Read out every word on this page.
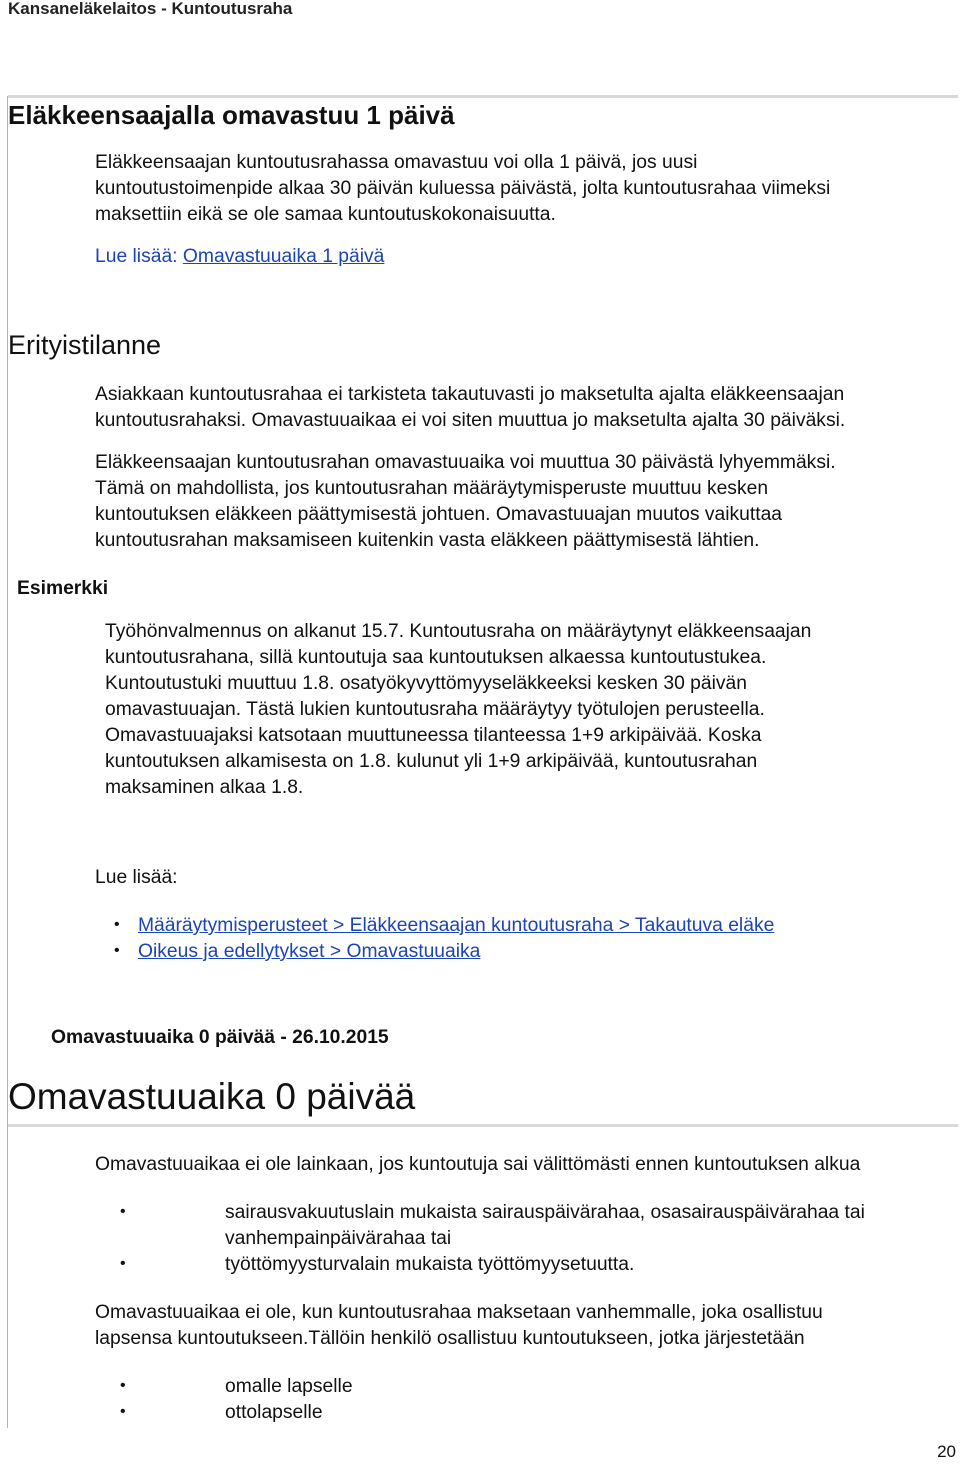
Kansaneläkelaitos - Kuntoutusraha
Eläkkeensaajalla omavastuu 1 päivä
Eläkkeensaajan kuntoutusrahassa omavastuu voi olla 1 päivä, jos uusi
kuntoutustoimenpide alkaa 30 päivän kuluessa päivästä, jolta kuntoutusrahaa viimeksi
maksettiin eikä se ole samaa kuntoutuskokonaisuutta.
Lue lisää: Omavastuuaika 1 päivä
Erityistilanne
Asiakkaan kuntoutusrahaa ei tarkisteta takautuvasti jo maksetulta ajalta eläkkeensaajan
kuntoutusrahaksi. Omavastuuaikaa ei voi siten muuttua jo maksetulta ajalta 30 päiväksi.
Eläkkeensaajan kuntoutusrahan omavastuuaika voi muuttua 30 päivästä lyhyemmäksi.
Tämä on mahdollista, jos kuntoutusrahan määräytymisperuste muuttuu kesken
kuntoutuksen eläkkeen päättymisestä johtuen. Omavastuuajan muutos vaikuttaa
kuntoutusrahan maksamiseen kuitenkin vasta eläkkeen päättymisestä lähtien.
Esimerkki
Työhönvalmennus on alkanut 15.7. Kuntoutusraha on määräytynyt eläkkeensaajan
kuntoutusrahana, sillä kuntoutuja saa kuntoutuksen alkaessa kuntoutustukea.
Kuntoutustuki muuttuu 1.8. osatyökyvyttömyyseläkkeeksi kesken 30 päivän
omavastuuajan. Tästä lukien kuntoutusraha määräytyy työtulojen perusteella.
Omavastuuajaksi katsotaan muuttuneessa tilanteessa 1+9 arkipäivää. Koska
kuntoutuksen alkamisesta on 1.8. kulunut yli 1+9 arkipäivää, kuntoutusrahan
maksaminen alkaa 1.8.
Lue lisää:
• Määräytymisperusteet > Eläkkeensaajan kuntoutusraha > Takautuva eläke
• Oikeus ja edellytykset > Omavastuuaika
Omavastuuaika 0 päivää - 26.10.2015
Omavastuuaika 0 päivää
Omavastuuaikaa ei ole lainkaan, jos kuntoutuja sai välittömästi ennen kuntoutuksen alkua
•	sairausvakuutuslain mukaista sairauspäivärahaa, osasairauspäivärahaa tai
vanhempainpäivärahaa tai
•	työttömyysturvalain mukaista työttömyysetuutta.
Omavastuuaikaa ei ole, kun kuntoutusrahaa maksetaan vanhemmalle, joka osallistuu
lapsensa kuntoutukseen.Tällöin henkilö osallistuu kuntoutukseen, jotka järjestetään
•	omalle lapselle
•	ottolapselle
20
